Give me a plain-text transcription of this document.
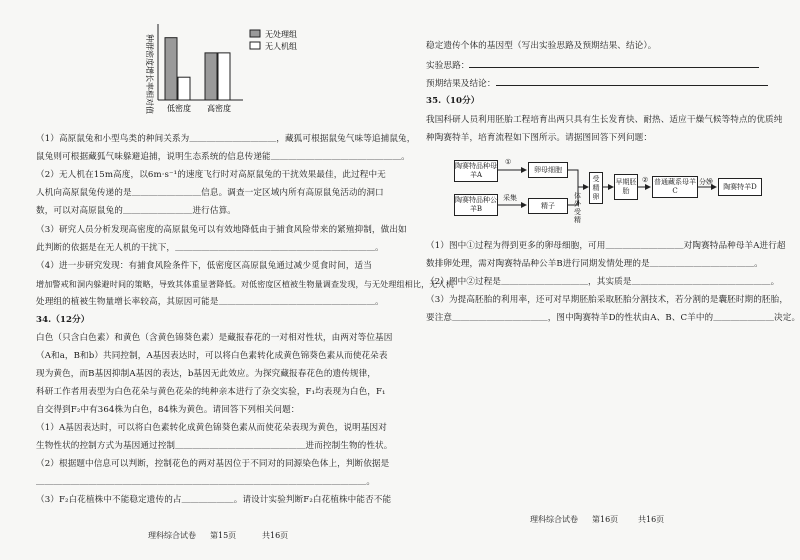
种群密度增长率相对值 低密度 高密度
无处理组
无人机组
（1）高原鼠兔和小型鸟类的种间关系为＿＿＿＿＿＿＿＿＿＿，藏狐可根据鼠兔气味等追捕鼠兔，
鼠兔则可根据藏狐气味躲避追捕，说明生态系统的信息传递能＿＿＿＿＿＿＿＿＿＿＿＿＿＿＿。
（2）无人机在15m高度，以6m·s⁻¹的速度飞行时对高原鼠兔的干扰效果最佳，此过程中无
人机向高原鼠兔传递的是＿＿＿＿＿＿＿＿信息。调查一定区域内所有高原鼠兔活动的洞口
数，可以对高原鼠兔的＿＿＿＿＿＿＿＿进行估算。
（3）研究人员分析发现高密度的高原鼠兔可以有效地降低由于捕食风险带来的紧殖抑制，做出如
此判断的依据是在无人机的干扰下，＿＿＿＿＿＿＿＿＿＿＿＿＿＿＿＿＿＿＿＿＿＿＿。
（4）进一步研究发现：有捕食风险条件下，低密度区高原鼠兔通过减少觅食时间，适当
增加警戒和洞内躲避时间的策略，导致其体重显著降低。对低密度区植被生物量调查发现，与无处理组相比，无人机
处理组的植被生物量增长率较高，其原因可能是＿＿＿＿＿＿＿＿＿＿＿＿＿＿＿＿＿＿。
34.（12分）
白色（只含白色素）和黄色（含黄色锦葵色素）是藏报春花的一对相对性状，由两对等位基因
（A和a，B和b）共同控制，A基因表达时，可以将白色素转化成黄色锦葵色素从而使花朵表
现为黄色，而B基因抑制A基因的表达，b基因无此效应。为探究藏报春花色的遗传规律，
科研工作者用表型为白色花朵与黄色花朵的纯种亲本进行了杂交实验，F₁均表现为白色，F₁
自交得到F₂中有364株为白色，84株为黄色。请回答下列相关问题：
（1）A基因表达时，可以将白色素转化成黄色锦葵色素从而使花朵表现为黄色，说明基因对
生物性状的控制方式为基因通过控制＿＿＿＿＿＿＿＿＿＿＿＿＿＿＿进而控制生物的性状。
（2）根据题中信息可以判断，控制花色的两对基因位于不同对的同源染色体上，判断依据是
＿＿＿＿＿＿＿＿＿＿＿＿＿＿＿＿＿＿＿＿＿＿＿＿＿＿＿＿＿＿＿＿＿＿＿＿＿＿。
（3）F₂白花植株中不能稳定遗传的占＿＿＿＿＿＿。请设计实验判断F₂白花植株中能否不能
理科综合试卷 第15页	共16页
稳定遗传个体的基因型（写出实验思路及预期结果、结论）。
实验思路：
预期结果及结论：
35.（10分）
我国科研人员利用胚胎工程培育出两只具有生长发育快、耐热、适应干燥气候等特点的优质纯
种陶赛特羊，培育流程如下图所示。请据图回答下列问题：
陶赛特品种母羊A
陶赛特品种公羊B
①
采集
卵母细胞
精子
体外受精
受精卵
早期胚胎
② 普通藏系母羊C
分娩
陶赛特羊D
（1）图中①过程为得到更多的卵母细胞，可用＿＿＿＿＿＿＿＿＿对陶赛特品种母羊A进行超
数排卵处理，需对陶赛特品种公羊B进行同期发情处理的是＿＿＿＿＿＿＿＿＿＿＿＿。
（2）图中②过程是＿＿＿＿＿＿＿＿＿＿，其实质是＿＿＿＿＿＿＿＿＿＿＿＿＿＿＿＿。
（3）为提高胚胎的利用率，还可对早期胚胎采取胚胎分割技术，若分割的是囊胚时期的胚胎，
要注意＿＿＿＿＿＿＿＿＿＿＿，图中陶赛特羊D的性状由A、B、C羊中的＿＿＿＿＿＿＿决定。
理科综合试卷 第16页 共16页
